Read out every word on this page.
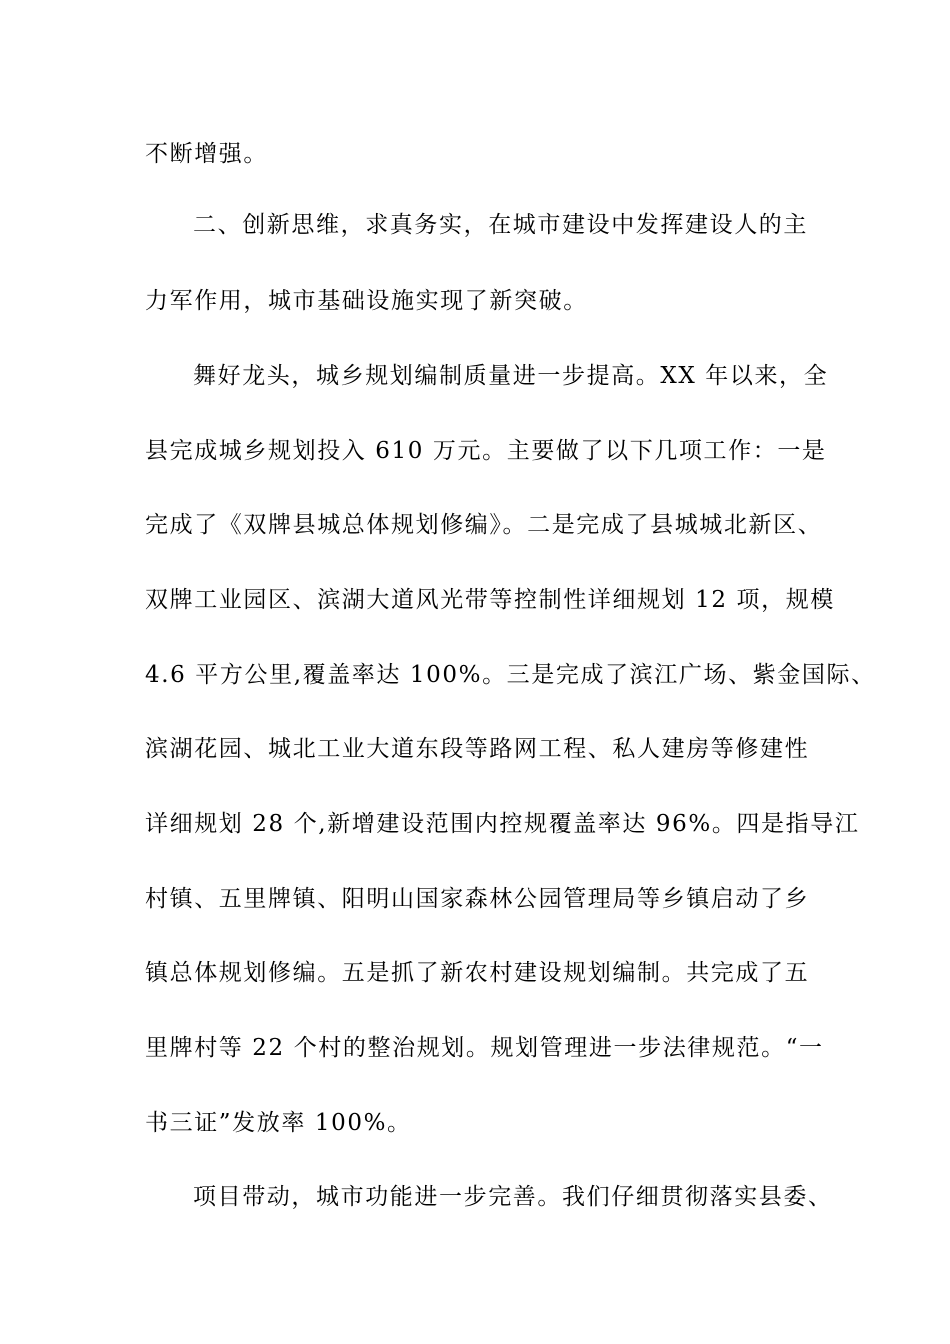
不断增强。
二、创新思维，求真务实，在城市建设中发挥建设人的主
力军作用，城市基础设施实现了新突破。
舞好龙头，城乡规划编制质量进一步提高。XX 年以来，全
县完成城乡规划投入 610 万元。主要做了以下几项工作：一是
完成了《双牌县城总体规划修编》。二是完成了县城城北新区、
双牌工业园区、滨湖大道风光带等控制性详细规划 12 项，规模
4.6 平方公里,覆盖率达 100%。三是完成了滨江广场、紫金国际、
滨湖花园、城北工业大道东段等路网工程、私人建房等修建性
详细规划 28 个,新增建设范围内控规覆盖率达 96%。四是指导江
村镇、五里牌镇、阳明山国家森林公园管理局等乡镇启动了乡
镇总体规划修编。五是抓了新农村建设规划编制。共完成了五
里牌村等 22 个村的整治规划。规划管理进一步法律规范。“一
书三证”发放率 100%。
项目带动，城市功能进一步完善。我们仔细贯彻落实县委、
